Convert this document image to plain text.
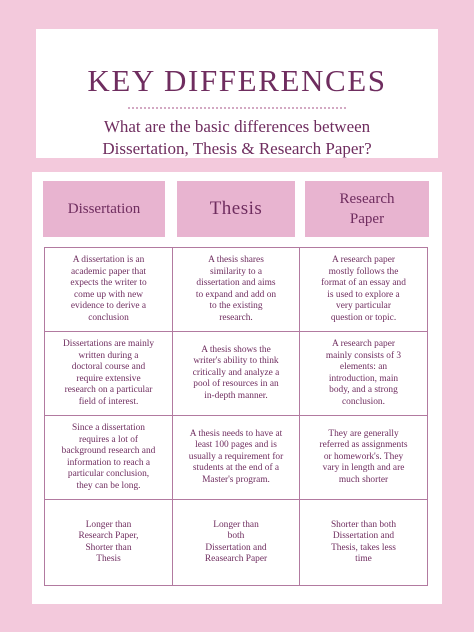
KEY DIFFERENCES
What are the basic differences between
Dissertation, Thesis & Research Paper?
Dissertation	Thesis	Research
Paper
A dissertation is an
academic paper that
expects the writer to
come up with new
evidence to derive a
conclusion
A thesis shares
similarity to a
dissertation and aims
to expand and add on
to the existing
research.
A research paper
mostly follows the
format of an essay and
is used to explore a
very particular
question or topic.
Dissertations are mainly
written during a
doctoral course and
require extensive
research on a particular
field of interest.
A thesis shows the
writer's ability to think
critically and analyze a
pool of resources in an
in-depth manner.
A research paper
mainly consists of 3
elements: an
introduction, main
body, and a strong
conclusion.
Since a dissertation
requires a lot of
background research and
information to reach a
particular conclusion,
they can be long.
A thesis needs to have at
least 100 pages and is
usually a requirement for
students at the end of a
Master's program.
They are generally
referred as assignments
or homework's. They
vary in length and are
much shorter
Longer than
Research Paper,
Shorter than
Thesis
Longer than
both
Dissertation and
Reasearch Paper
Shorter than both
Dissertation and
Thesis, takes less
time
